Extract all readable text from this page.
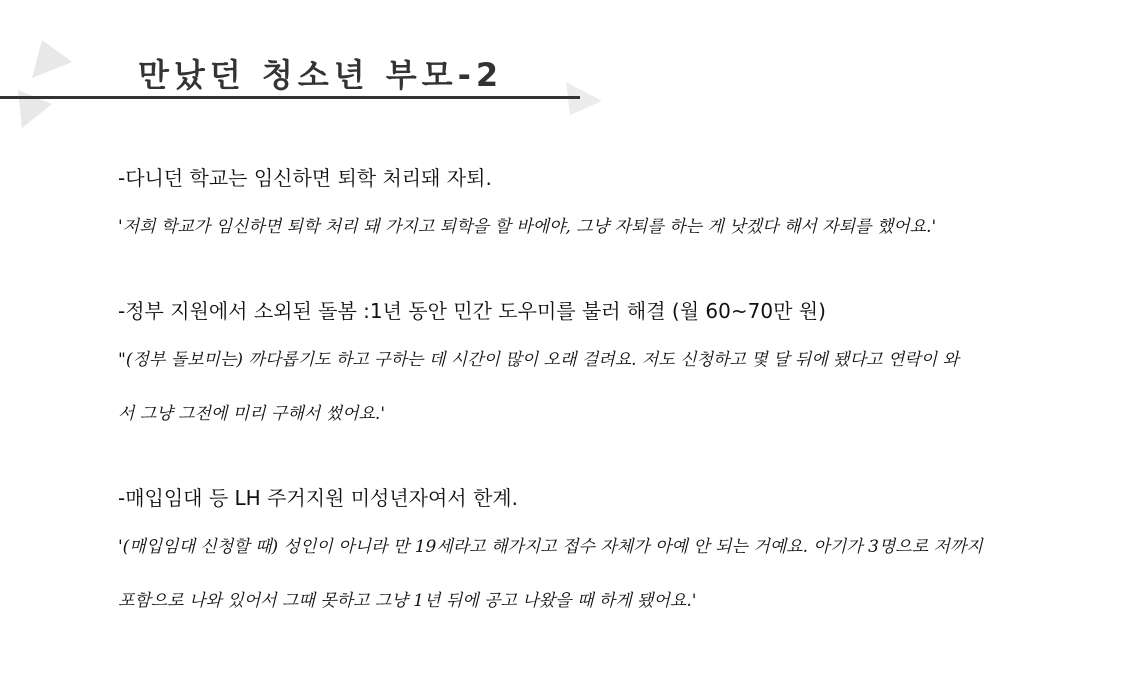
만났던 청소년 부모-2
-다니던 학교는 임신하면 퇴학 처리돼 자퇴.
'저희 학교가 임신하면 퇴학 처리 돼 가지고 퇴학을 할 바에야, 그냥 자퇴를 하는 게 낫겠다 해서 자퇴를 했어요.'
-정부 지원에서 소외된 돌봄 :1년 동안 민간 도우미를 불러 해결 (월 60~70만 원)
"(정부 돌보미는) 까다롭기도 하고 구하는 데 시간이 많이 오래 걸려요. 저도 신청하고 몇 달 뒤에 됐다고 연락이 와
서 그냥 그전에 미리 구해서 썼어요.'
-매입임대 등 LH 주거지원 미성년자여서 한계.
'(매입임대 신청할 때) 성인이 아니라 만 19세라고 해가지고 접수 자체가 아예 안 되는 거예요. 아기가 3명으로 저까지
포함으로 나와 있어서 그때 못하고 그냥 1년 뒤에 공고 나왔을 때 하게 됐어요.'
